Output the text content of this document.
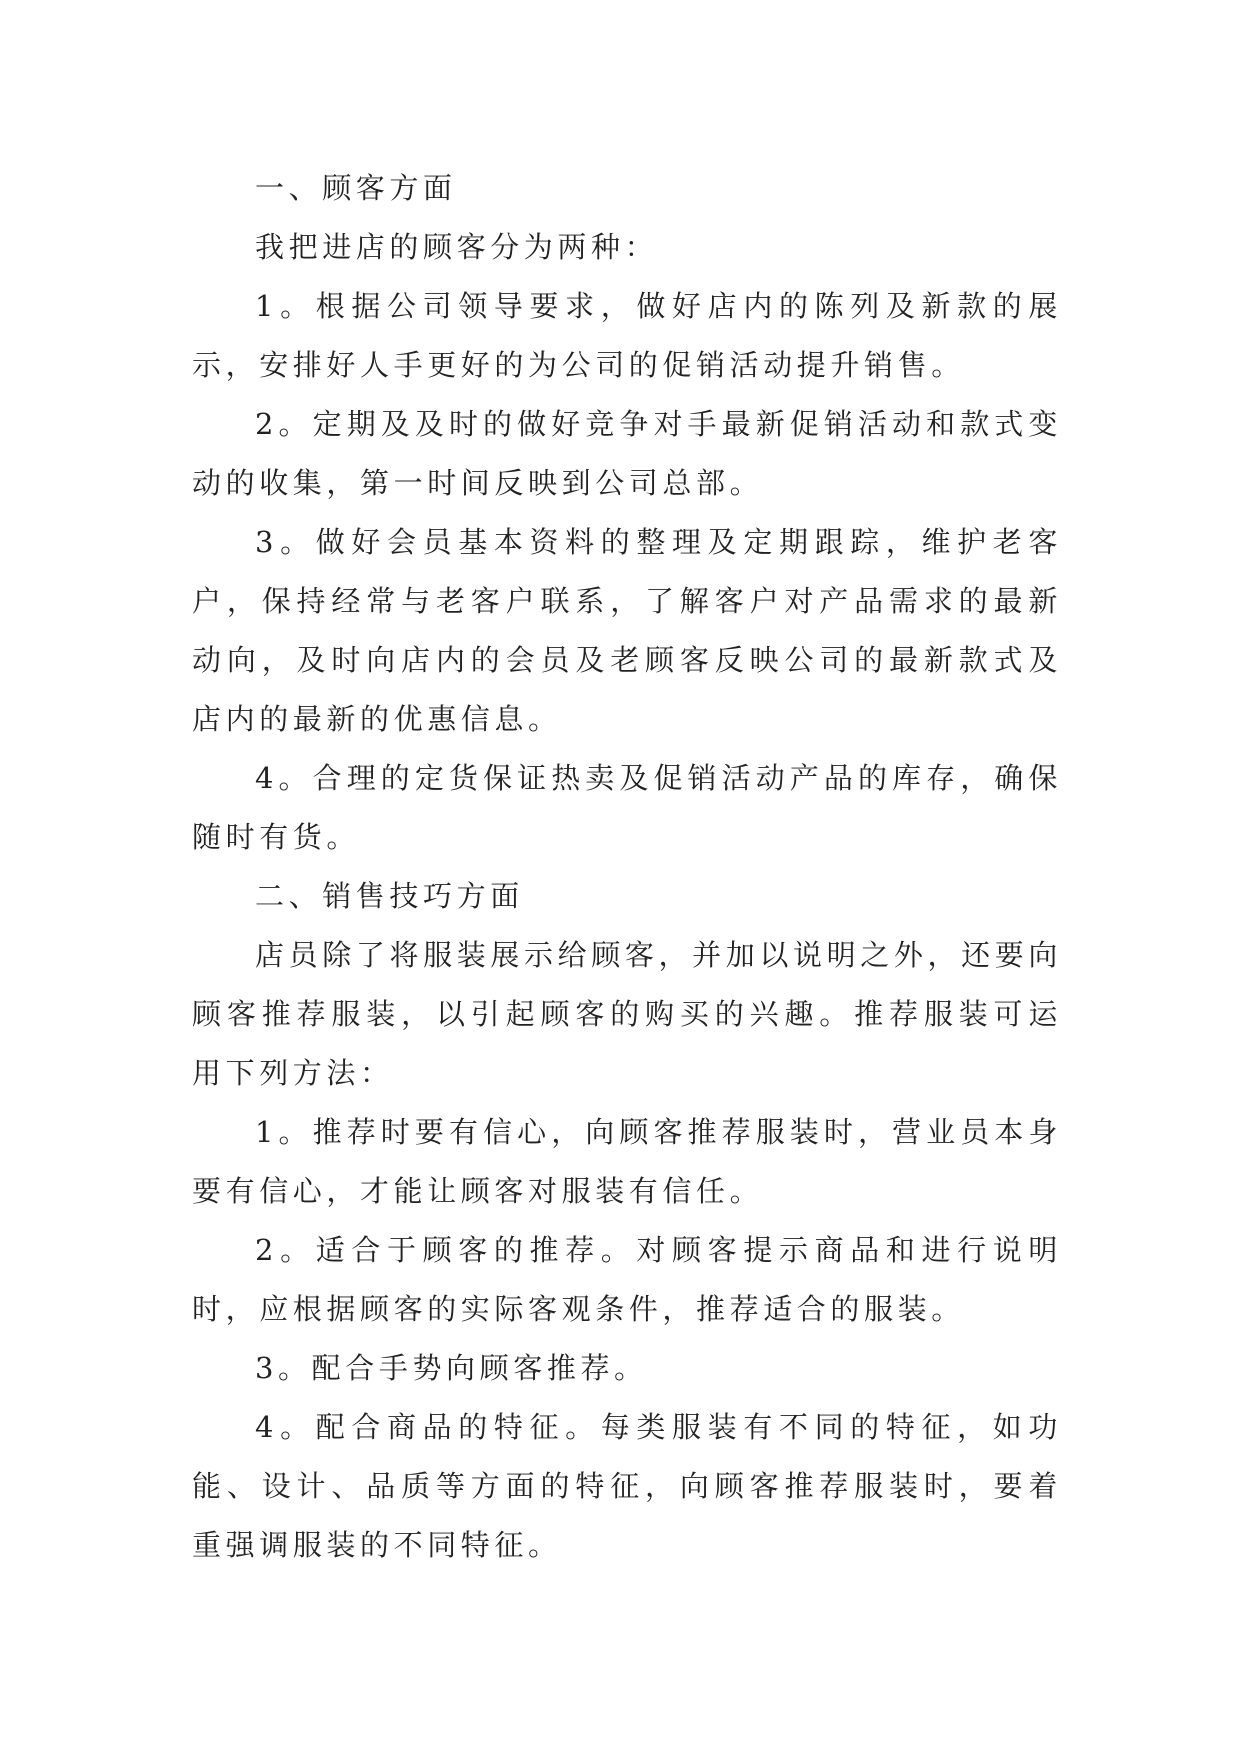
一、顾客方面

我把进店的顾客分为两种：

1。根据公司领导要求，做好店内的陈列及新款的展示，安排好人手更好的为公司的促销活动提升销售。

2。定期及及时的做好竞争对手最新促销活动和款式变动的收集，第一时间反映到公司总部。

3。做好会员基本资料的整理及定期跟踪，维护老客户，保持经常与老客户联系，了解客户对产品需求的最新动向，及时向店内的会员及老顾客反映公司的最新款式及店内的最新的优惠信息。

4。合理的定货保证热卖及促销活动产品的库存，确保随时有货。

二、销售技巧方面

店员除了将服装展示给顾客，并加以说明之外，还要向顾客推荐服装，以引起顾客的购买的兴趣。推荐服装可运用下列方法：

1。推荐时要有信心，向顾客推荐服装时，营业员本身要有信心，才能让顾客对服装有信任。

2。适合于顾客的推荐。对顾客提示商品和进行说明时，应根据顾客的实际客观条件，推荐适合的服装。

3。配合手势向顾客推荐。

4。配合商品的特征。每类服装有不同的特征，如功能、设计、品质等方面的特征，向顾客推荐服装时，要着重强调服装的不同特征。
